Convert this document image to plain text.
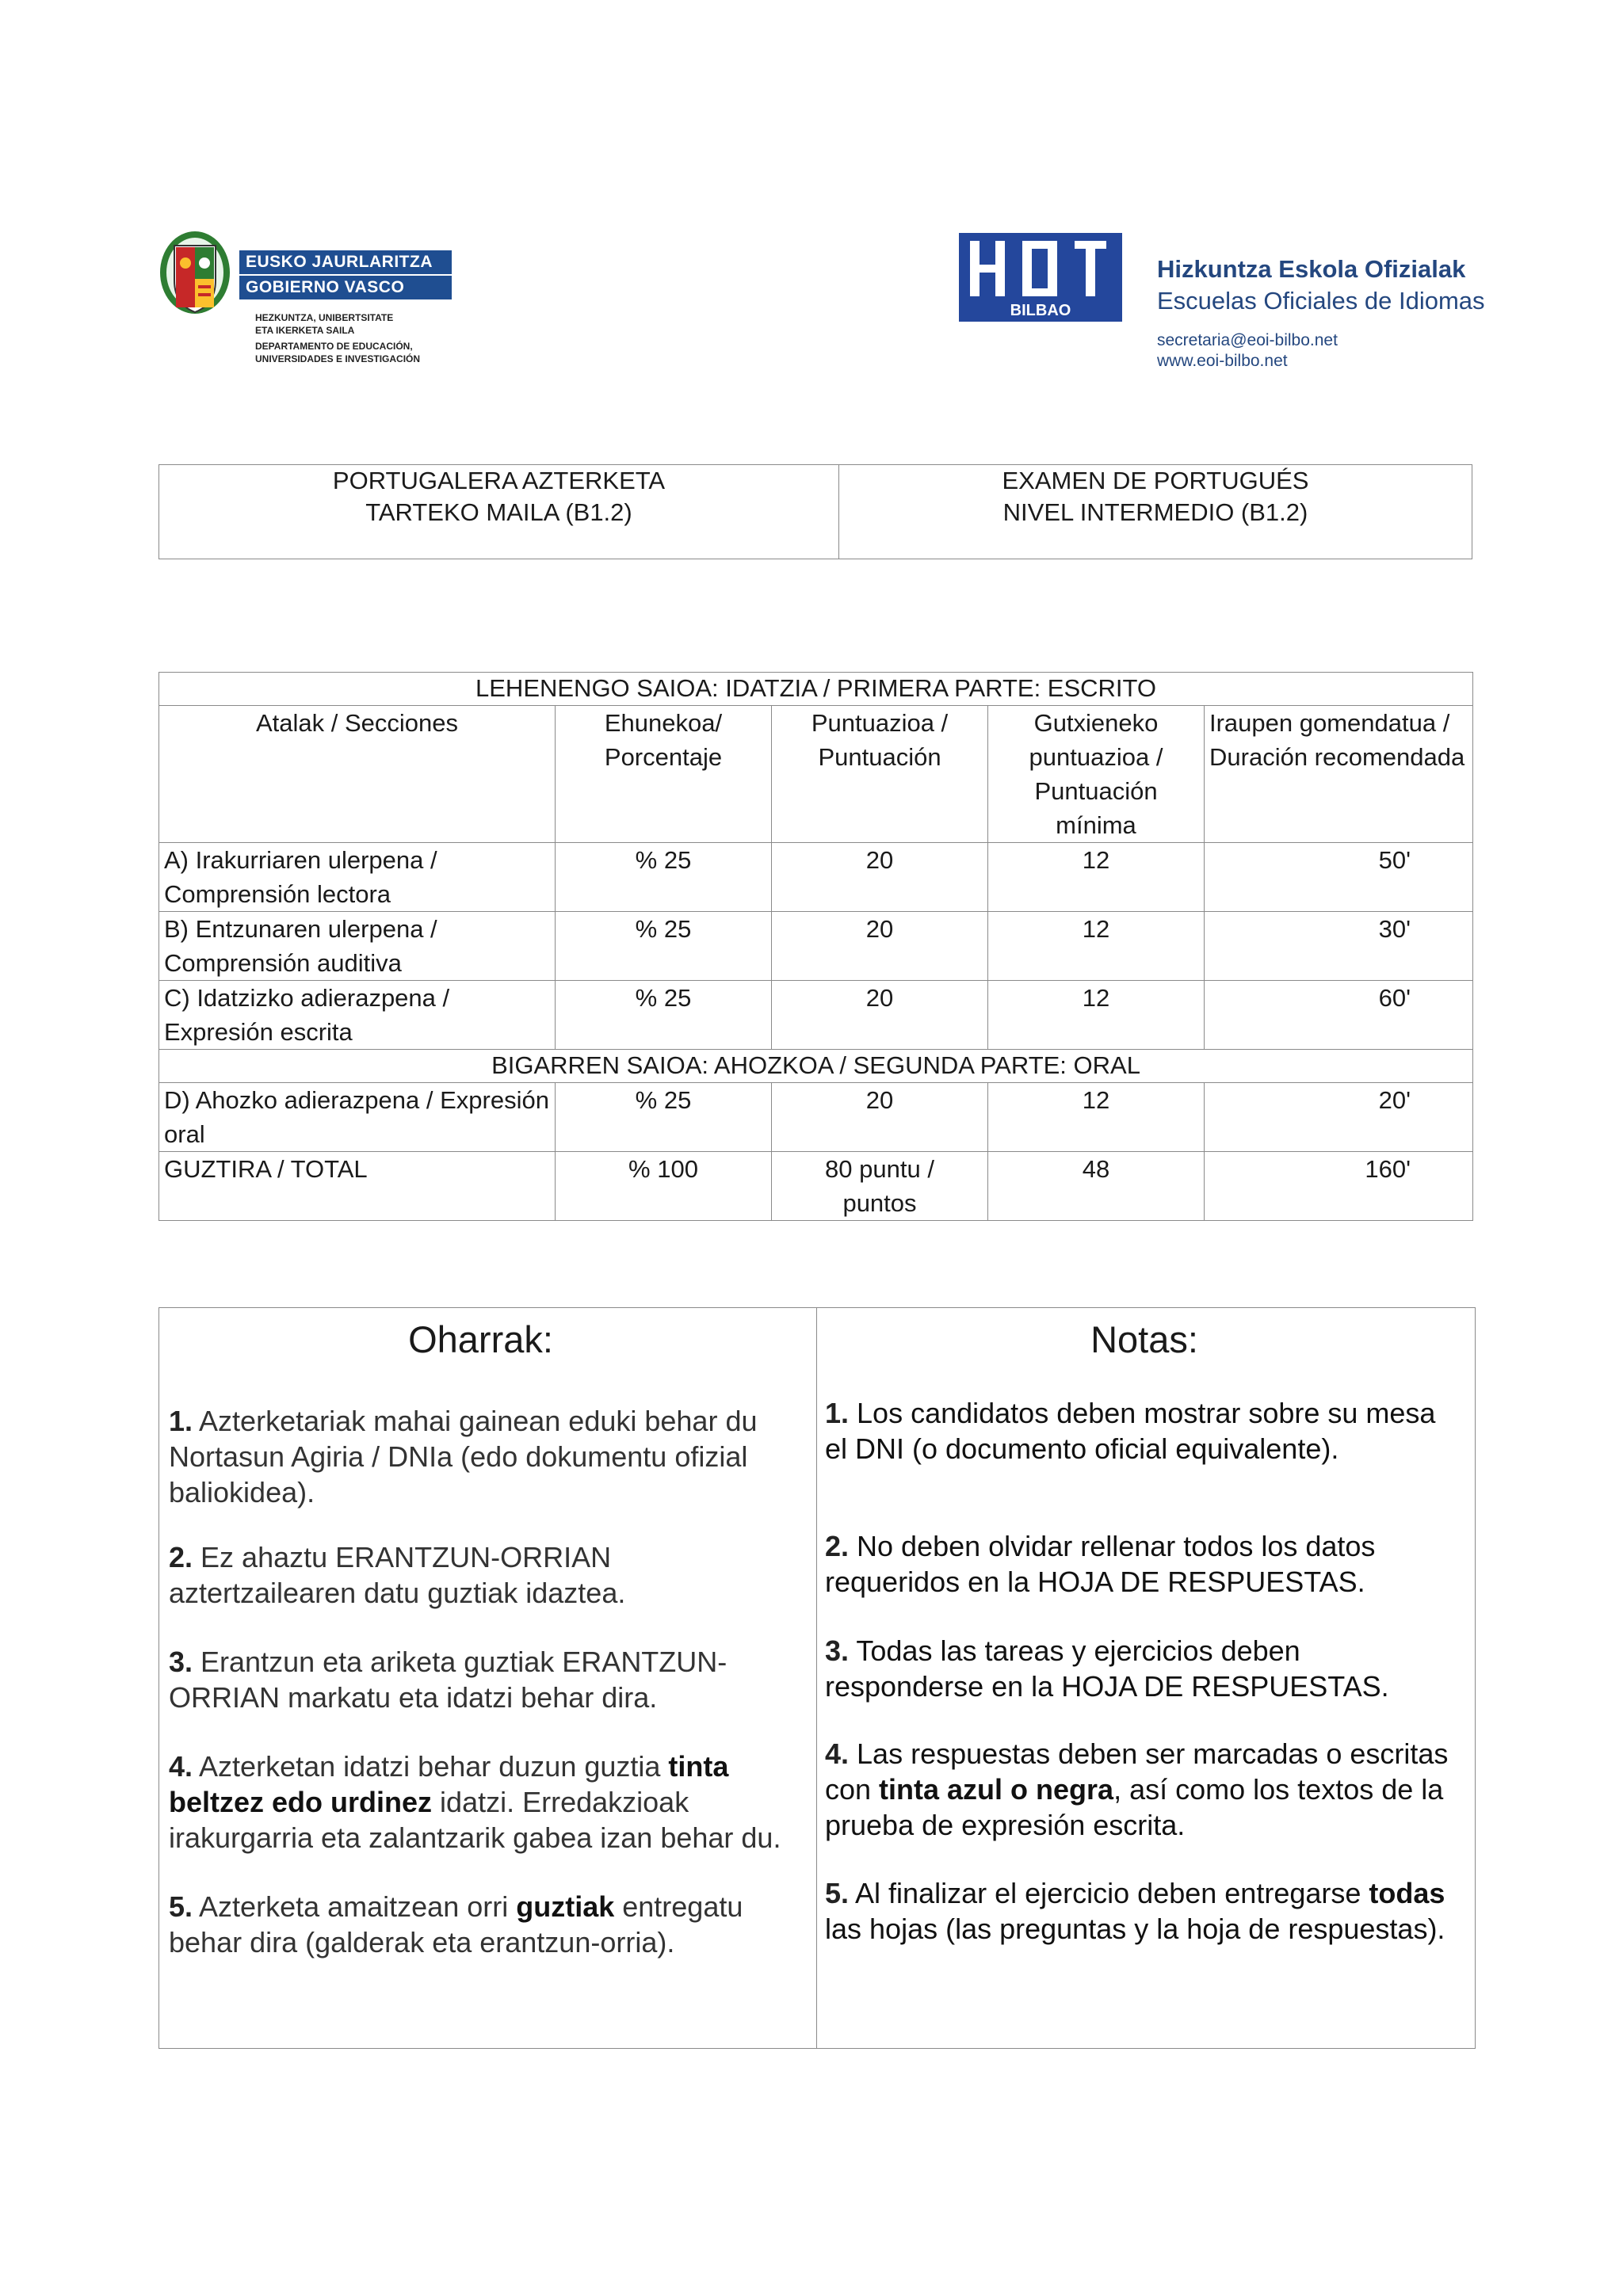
EUSKO JAURLARITZA
GOBIERNO VASCO
HEZKUNTZA, UNIBERTSITATE
ETA IKERKETA SAILA
DEPARTAMENTO DE EDUCACIÓN,
UNIVERSIDADES E INVESTIGACIÓN
BILBAO
Hizkuntza Eskola Ofizialak
Escuelas Oficiales de Idiomas
secretaria@eoi-bilbo.net
www.eoi-bilbo.net
PORTUGALERA AZTERKETA
TARTEKO MAILA (B1.2)
EXAMEN DE PORTUGUÉS
NIVEL INTERMEDIO (B1.2)
LEHENENGO SAIOA: IDATZIA / PRIMERA PARTE: ESCRITO				
Atalak / Secciones	Ehunekoa/ Porcentaje	Puntuazioa / Puntuación	Gutxieneko puntuazioa / Puntuación mínima	Iraupen gomendatua / Duración recomendada
A) Irakurriaren ulerpena / Comprensión lectora	% 25	20	12	50'
B) Entzunaren ulerpena / Comprensión auditiva	% 25	20	12	30'
C) Idatzizko adierazpena / Expresión escrita	% 25	20	12	60'
BIGARREN SAIOA: AHOZKOA / SEGUNDA PARTE: ORAL				
D) Ahozko adierazpena / Expresión oral	% 25	20	12	20'
GUZTIRA / TOTAL	% 100	80 puntu / puntos	48	160'
Oharrak:
1. Azterketariak mahai gainean eduki behar du Nortasun Agiria / DNIa (edo dokumentu ofizial baliokidea).
2. Ez ahaztu ERANTZUN-ORRIAN aztertzailearen datu guztiak idaztea.
3. Erantzun eta ariketa guztiak ERANTZUN-ORRIAN markatu eta idatzi behar dira.
4. Azterketan idatzi behar duzun guztia tinta beltzez edo urdinez idatzi. Erredakzioak irakurgarria eta zalantzarik gabea izan behar du.
5. Azterketa amaitzean orri guztiak entregatu behar dira (galderak eta erantzun-orria).
Notas:
1. Los candidatos deben mostrar sobre su mesa el DNI (o documento oficial equivalente).
2. No deben olvidar rellenar todos los datos requeridos en la HOJA DE RESPUESTAS.
3. Todas las tareas y ejercicios deben responderse en la HOJA DE RESPUESTAS.
4. Las respuestas deben ser marcadas o escritas con tinta azul o negra, así como los textos de la prueba de expresión escrita.
5. Al finalizar el ejercicio deben entregarse todas las hojas (las preguntas y la hoja de respuestas).
